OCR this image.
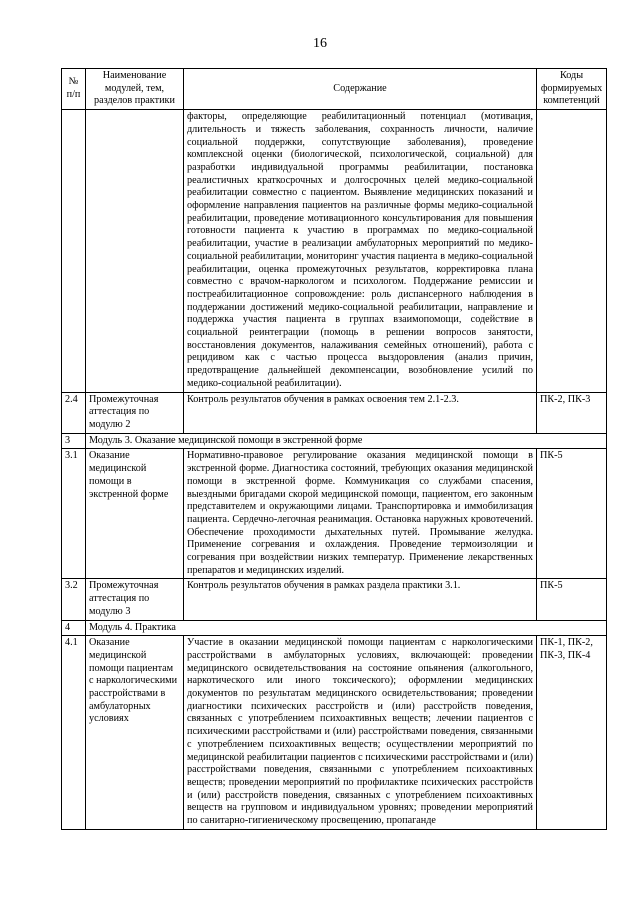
16
№ п/п	Наименование модулей, тем, разделов практики	Содержание	Коды формируемых компетенций
		факторы, определяющие реабилитационный потенциал (мотивация, длительность и тяжесть заболевания, сохранность личности, наличие социальной поддержки, сопутствующие заболевания), проведение комплексной оценки (биологической, психологической, социальной) для разработки индивидуальной программы реабилитации, постановка реалистичных краткосрочных и долгосрочных целей медико-социальной реабилитации совместно с пациентом. Выявление медицинских показаний и оформление направления пациентов на различные формы медико-социальной реабилитации, проведение мотивационного консультирования для повышения готовности пациента к участию в программах по медико-социальной реабилитации, участие в реализации амбулаторных мероприятий по медико-социальной реабилитации, мониторинг участия пациента в медико-социальной реабилитации, оценка промежуточных результатов, корректировка плана совместно с врачом-наркологом и психологом. Поддержание ремиссии и постреабилитационное сопровождение: роль диспансерного наблюдения в поддержании достижений медико-социальной реабилитации, направление и поддержка участия пациента в группах взаимопомощи, содействие в социальной реинтеграции (помощь в решении вопросов занятости, восстановления документов, налаживания семейных отношений), работа с рецидивом как с частью процесса выздоровления (анализ причин, предотвращение дальнейшей декомпенсации, возобновление усилий по медико-социальной реабилитации).	
2.4	Промежуточная аттестация по модулю 2	Контроль результатов обучения в рамках освоения тем 2.1-2.3.	ПК-2, ПК-3
3	Модуль 3. Оказание медицинской помощи в экстренной форме		
3.1	Оказание медицинской помощи в экстренной форме	Нормативно-правовое регулирование оказания медицинской помощи в экстренной форме. Диагностика состояний, требующих оказания медицинской помощи в экстренной форме. Коммуникация со службами спасения, выездными бригадами скорой медицинской помощи, пациентом, его законным представителем и окружающими лицами. Транспортировка и иммобилизация пациента. Сердечно-легочная реанимация. Остановка наружных кровотечений. Обеспечение проходимости дыхательных путей. Промывание желудка. Применение согревания и охлаждения. Проведение термоизоляции и согревания при воздействии низких температур. Применение лекарственных препаратов и медицинских изделий.	ПК-5
3.2	Промежуточная аттестация по модулю 3	Контроль результатов обучения в рамках раздела практики 3.1.	ПК-5
4	Модуль 4. Практика		
4.1	Оказание медицинской помощи пациентам с наркологическими расстройствами в амбулаторных условиях	Участие в оказании медицинской помощи пациентам с наркологическими расстройствами в амбулаторных условиях, включающей: проведении медицинского освидетельствования на состояние опьянения (алкогольного, наркотического или иного токсического); оформлении медицинских документов по результатам медицинского освидетельствования; проведении диагностики психических расстройств и (или) расстройств поведения, связанных с употреблением психоактивных веществ; лечении пациентов с психическими расстройствами и (или) расстройствами поведения, связанными с употреблением психоактивных веществ; осуществлении мероприятий по медицинской реабилитации пациентов с психическими расстройствами и (или) расстройствами поведения, связанными с употреблением психоактивных веществ; проведении мероприятий по профилактике психических расстройств и (или) расстройств поведения, связанных с употреблением психоактивных веществ на групповом и индивидуальном уровнях; проведении мероприятий по санитарно-гигиеническому просвещению, пропаганде	ПК-1, ПК-2, ПК-3, ПК-4
